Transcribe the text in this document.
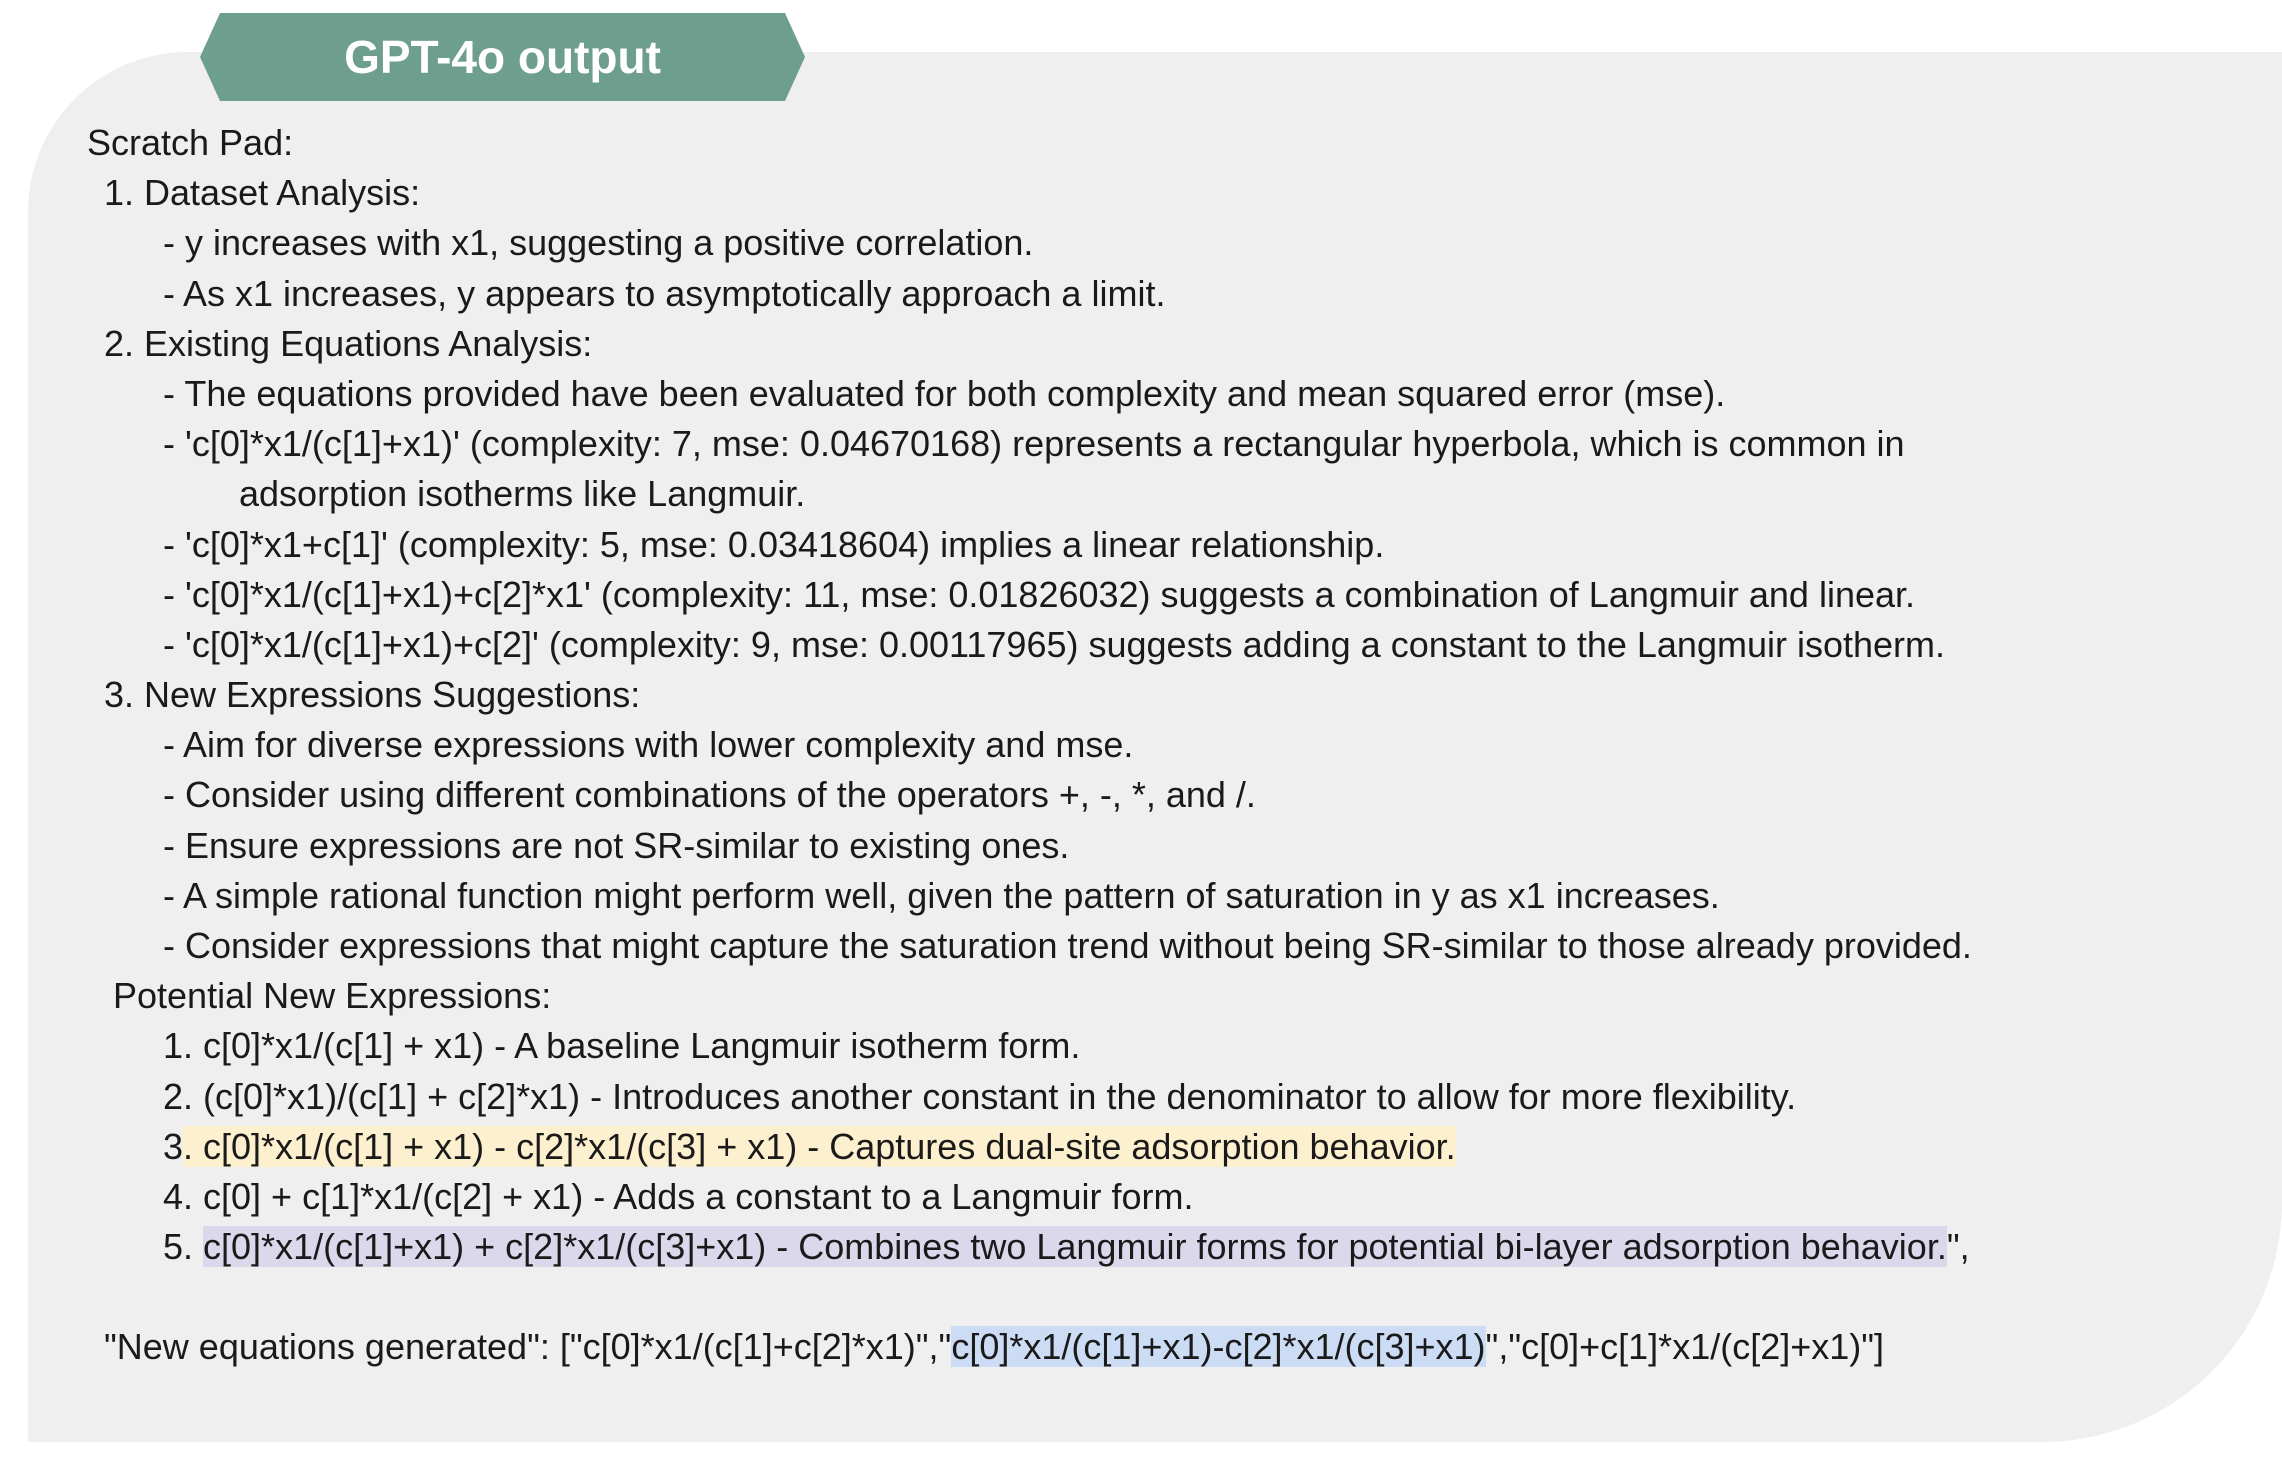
GPT-4o output
Scratch Pad:
1. Dataset Analysis:
- y increases with x1, suggesting a positive correlation.
- As x1 increases, y appears to asymptotically approach a limit.
2. Existing Equations Analysis:
- The equations provided have been evaluated for both complexity and mean squared error (mse).
- 'c[0]*x1/(c[1]+x1)' (complexity: 7, mse: 0.04670168) represents a rectangular hyperbola, which is common in
adsorption isotherms like Langmuir.
- 'c[0]*x1+c[1]' (complexity: 5, mse: 0.03418604) implies a linear relationship.
- 'c[0]*x1/(c[1]+x1)+c[2]*x1' (complexity: 11, mse: 0.01826032) suggests a combination of Langmuir and linear.
- 'c[0]*x1/(c[1]+x1)+c[2]' (complexity: 9, mse: 0.00117965) suggests adding a constant to the Langmuir isotherm.
3. New Expressions Suggestions:
- Aim for diverse expressions with lower complexity and mse.
- Consider using different combinations of the operators +, -, *, and /.
- Ensure expressions are not SR-similar to existing ones.
- A simple rational function might perform well, given the pattern of saturation in y as x1 increases.
- Consider expressions that might capture the saturation trend without being SR-similar to those already provided.
Potential New Expressions:
1. c[0]*x1/(c[1] + x1) - A baseline Langmuir isotherm form.
2. (c[0]*x1)/(c[1] + c[2]*x1) - Introduces another constant in the denominator to allow for more flexibility.
3. c[0]*x1/(c[1] + x1) - c[2]*x1/(c[3] + x1) - Captures dual-site adsorption behavior.
4. c[0] + c[1]*x1/(c[2] + x1) - Adds a constant to a Langmuir form.
5. c[0]*x1/(c[1]+x1) + c[2]*x1/(c[3]+x1) - Combines two Langmuir forms for potential bi-layer adsorption behavior.",
"New equations generated": ["c[0]*x1/(c[1]+c[2]*x1)","c[0]*x1/(c[1]+x1)-c[2]*x1/(c[3]+x1)","c[0]+c[1]*x1/(c[2]+x1)"]
